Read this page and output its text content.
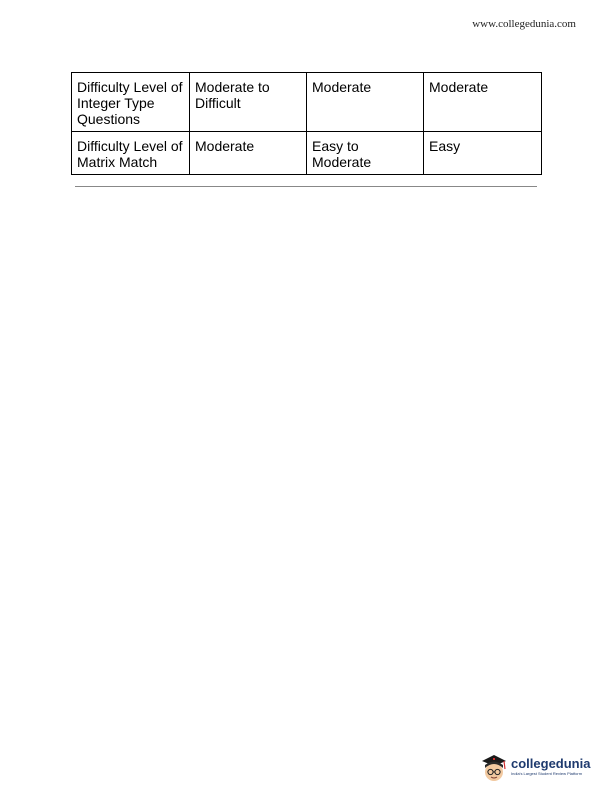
www.collegedunia.com
Difficulty Level of Integer Type Questions	Moderate to Difficult	Moderate	Moderate
Difficulty Level of Matrix Match	Moderate	Easy to Moderate	Easy
collegedunia
India's Largest Student Review Platform
